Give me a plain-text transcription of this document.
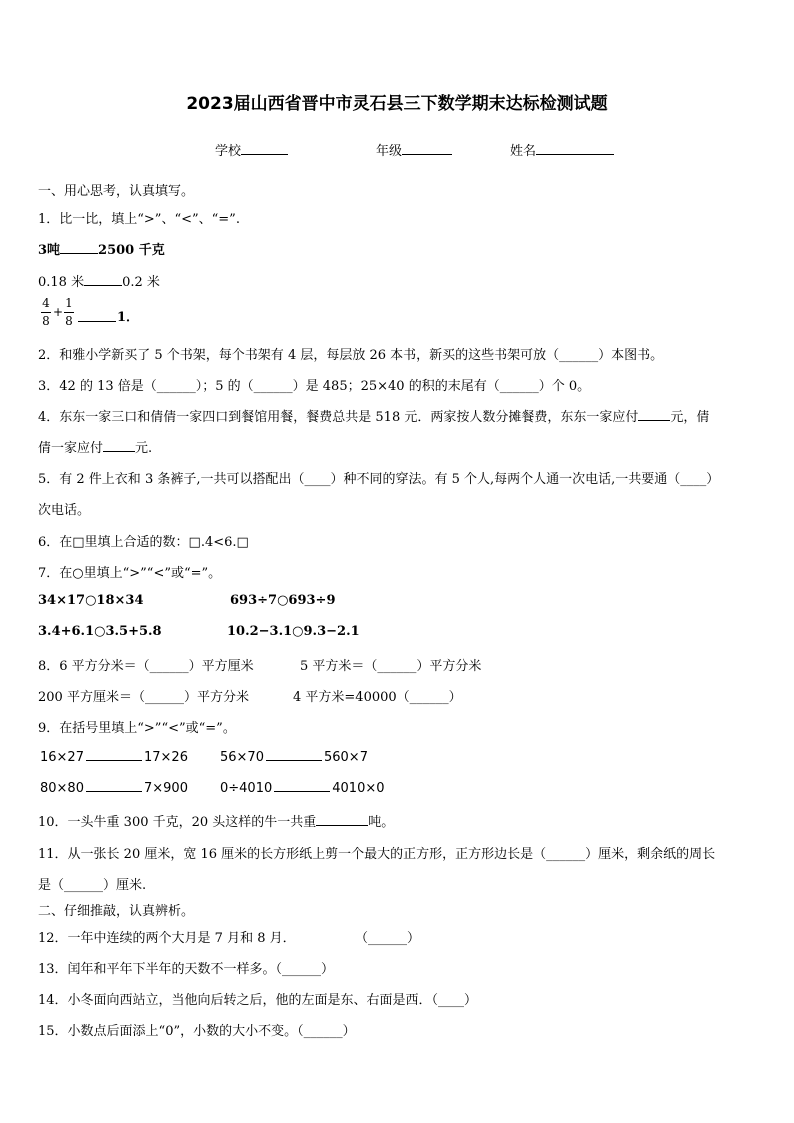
2023届山西省晋中市灵石县三下数学期末达标检测试题
学校	年级	姓名
一、用心思考，认真填写。
1．比一比，填上“>”、“<”、“=”.
3吨	2500 千克
0.18 米	0.2 米
4
8
+
1
8	1．
2．和雅小学新买了 5 个书架，每个书架有 4 层，每层放 26 本书，新买的这些书架可放（______）本图书。
3．42 的 13 倍是（______）；5 的（______）是 485；25×40 的积的末尾有（______）个 0。
4．东东一家三口和倩倩一家四口到餐馆用餐，餐费总共是 518 元．两家按人数分摊餐费，东东一家应付 元，倩
倩一家应付 元.
5．有 2 件上衣和 3 条裤子,一共可以搭配出（____）种不同的穿法。有 5 个人,每两个人通一次电话,一共要通（____）
次电话。
6．在□里填上合适的数：□.4<6.□
7．在○里填上“>”“<”或“=”。
34×17○18×34	693÷7○693÷9
3.4+6.1○3.5+5.8	10.2−3.1○9.3−2.1
8．6 平方分米＝（______）平方厘米	5 平方米＝（______）平方分米
200 平方厘米＝（______）平方分米	4 平方米=40000（______）
9．在括号里填上“>”“<”或“=”。
16×27	17×26 56×70	560×7
80×80	7×900 0÷4010	4010×0
10．一头牛重 300 千克，20 头这样的牛一共重	吨。
11．从一张长 20 厘米，宽 16 厘米的长方形纸上剪一个最大的正方形，正方形边长是（______）厘米，剩余纸的周长
是（______）厘米.
二、仔细推敲，认真辨析。
12．一年中连续的两个大月是 7 月和 8 月．	（______）
13．闰年和平年下半年的天数不一样多。（______）
14．小冬面向西站立，当他向后转之后，他的左面是东、右面是西．（____）
15．小数点后面添上“0”，小数的大小不变。（______）
